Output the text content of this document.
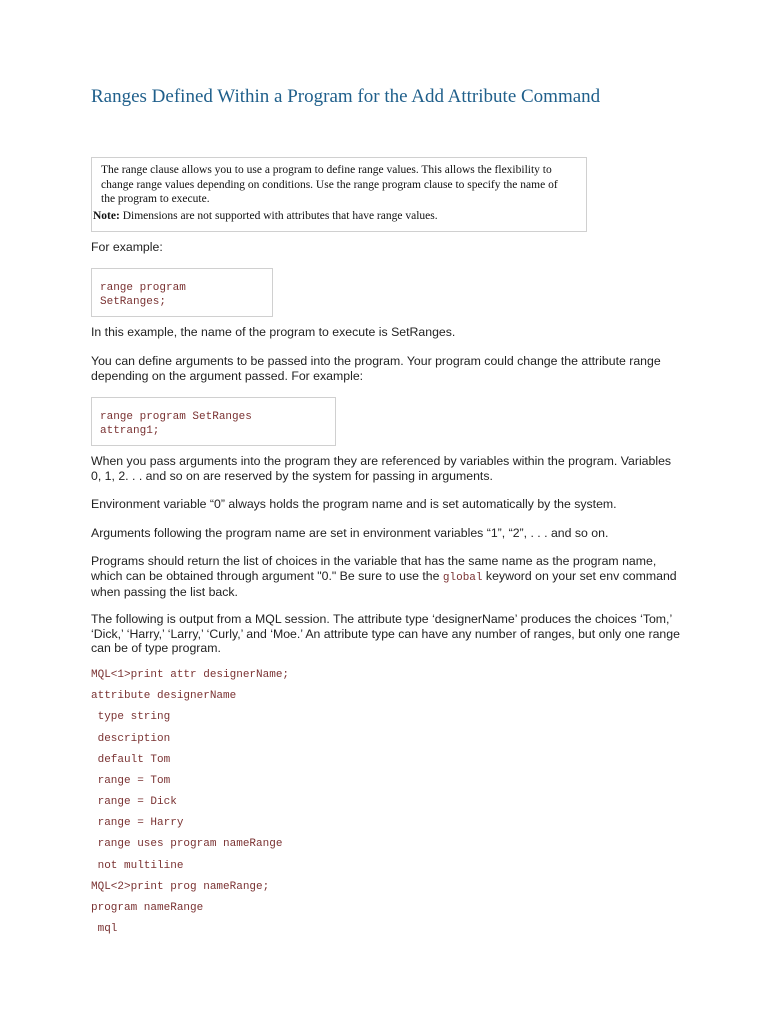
Ranges Defined Within a Program for the Add Attribute Command
The range clause allows you to use a program to define range values. This allows the flexibility to change range values depending on conditions. Use the range program clause to specify the name of the program to execute.
Note: Dimensions are not supported with attributes that have range values.

For example:

range program
SetRanges;

In this example, the name of the program to execute is SetRanges.

You can define arguments to be passed into the program. Your program could change the attribute range depending on the argument passed. For example:

range program SetRanges
attrang1;

When you pass arguments into the program they are referenced by variables within the program. Variables 0, 1, 2. . . and so on are reserved by the system for passing in arguments.

Environment variable “0” always holds the program name and is set automatically by the system.

Arguments following the program name are set in environment variables “1”, “2”, . . . and so on.

Programs should return the list of choices in the variable that has the same name as the program name, which can be obtained through argument "0." Be sure to use the global keyword on your set env command when passing the list back.

The following is output from a MQL session. The attribute type ‘designerName’ produces the choices ‘Tom,’ ‘Dick,’ ‘Harry,’ ‘Larry,’ ‘Curly,’ and ‘Moe.’ An attribute type can have any number of ranges, but only one range can be of type program.

MQL<1>print attr designerName;
attribute designerName
type string
description
default Tom
range = Tom
range = Dick
range = Harry
range uses program nameRange
not multiline
MQL<2>print prog nameRange;
program nameRange
mql
